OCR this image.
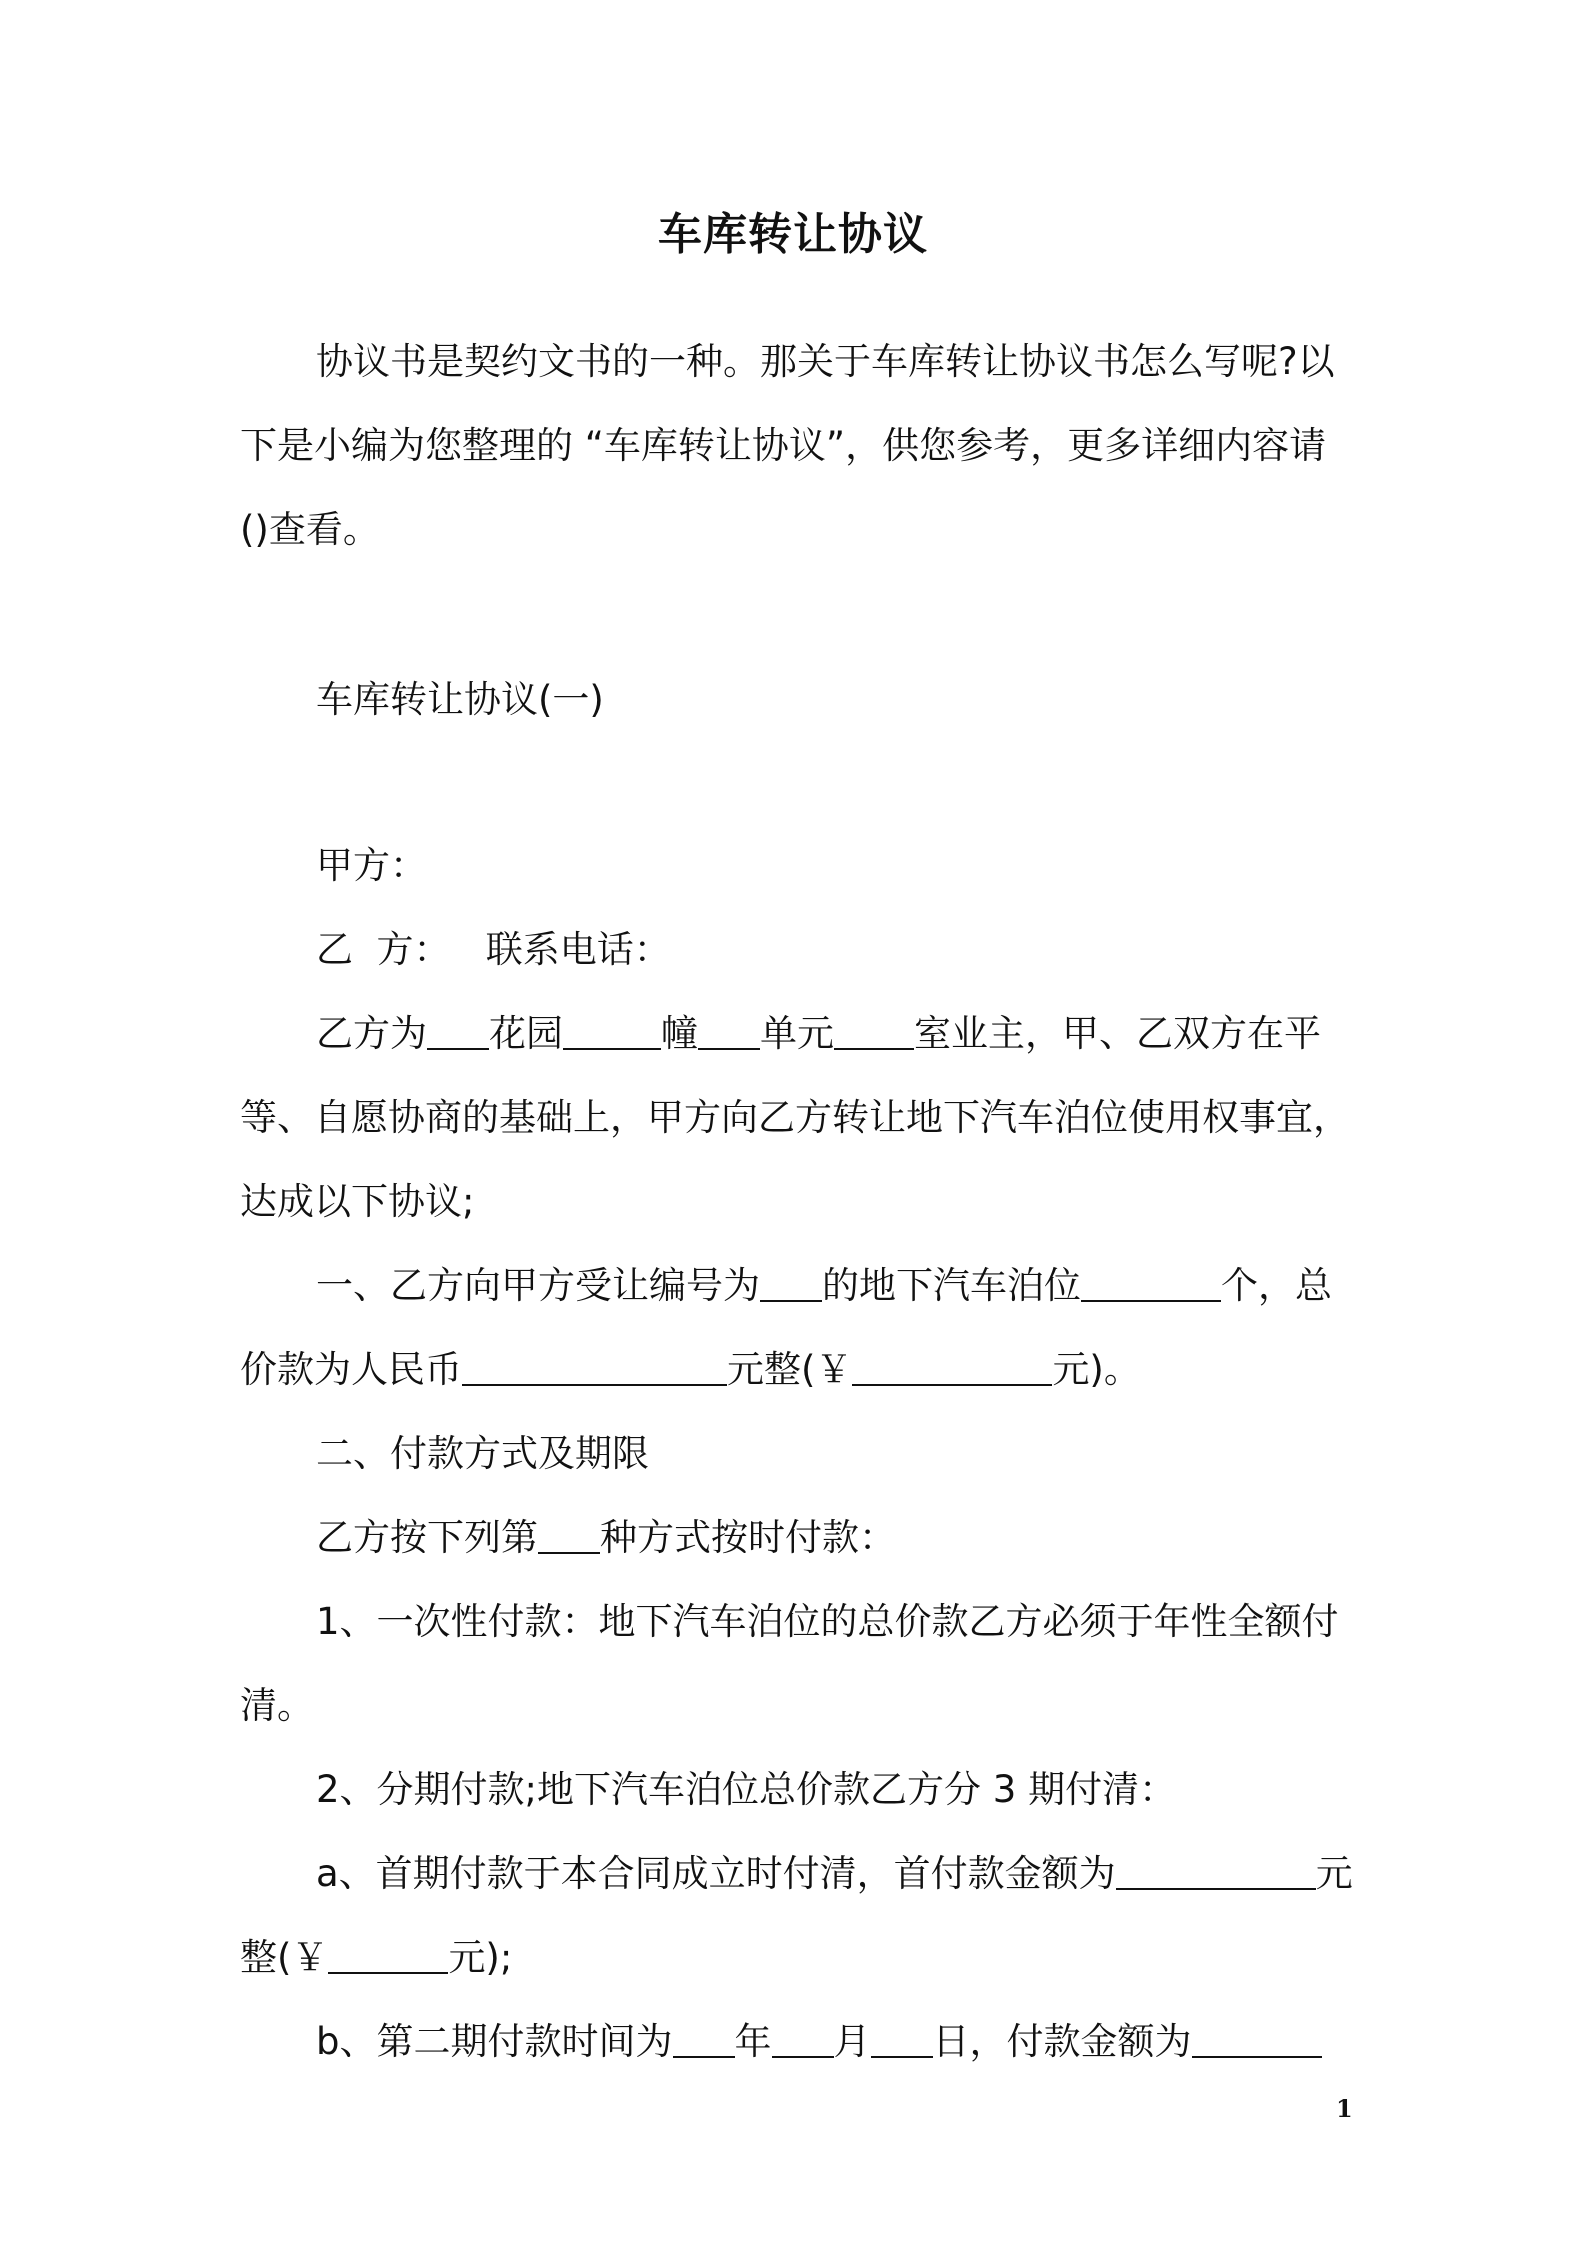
车库转让协议
协议书是契约文书的一种。那关于车库转让协议书怎么写呢?以
下是小编为您整理的 “车库转让协议”，供您参考，更多详细内容请
()查看。
车库转让协议(一)
甲方：
乙  方：   联系电话：
乙方为 花园	幢 单元 室业主，甲、乙双方在平
等、自愿协商的基础上，甲方向乙方转让地下汽车泊位使用权事宜，
达成以下协议;
一、乙方向甲方受让编号为 的地下汽车泊位	个，总
价款为人民币	元整(￥	元)。
二、付款方式及期限
乙方按下列第 种方式按时付款：
1、一次性付款：地下汽车泊位的总价款乙方必须于年性全额付
清。
2、分期付款;地下汽车泊位总价款乙方分 3 期付清：
a、首期付款于本合同成立时付清，首付款金额为	元
整(￥	元);
b、第二期付款时间为 年 月 日，付款金额为
1
